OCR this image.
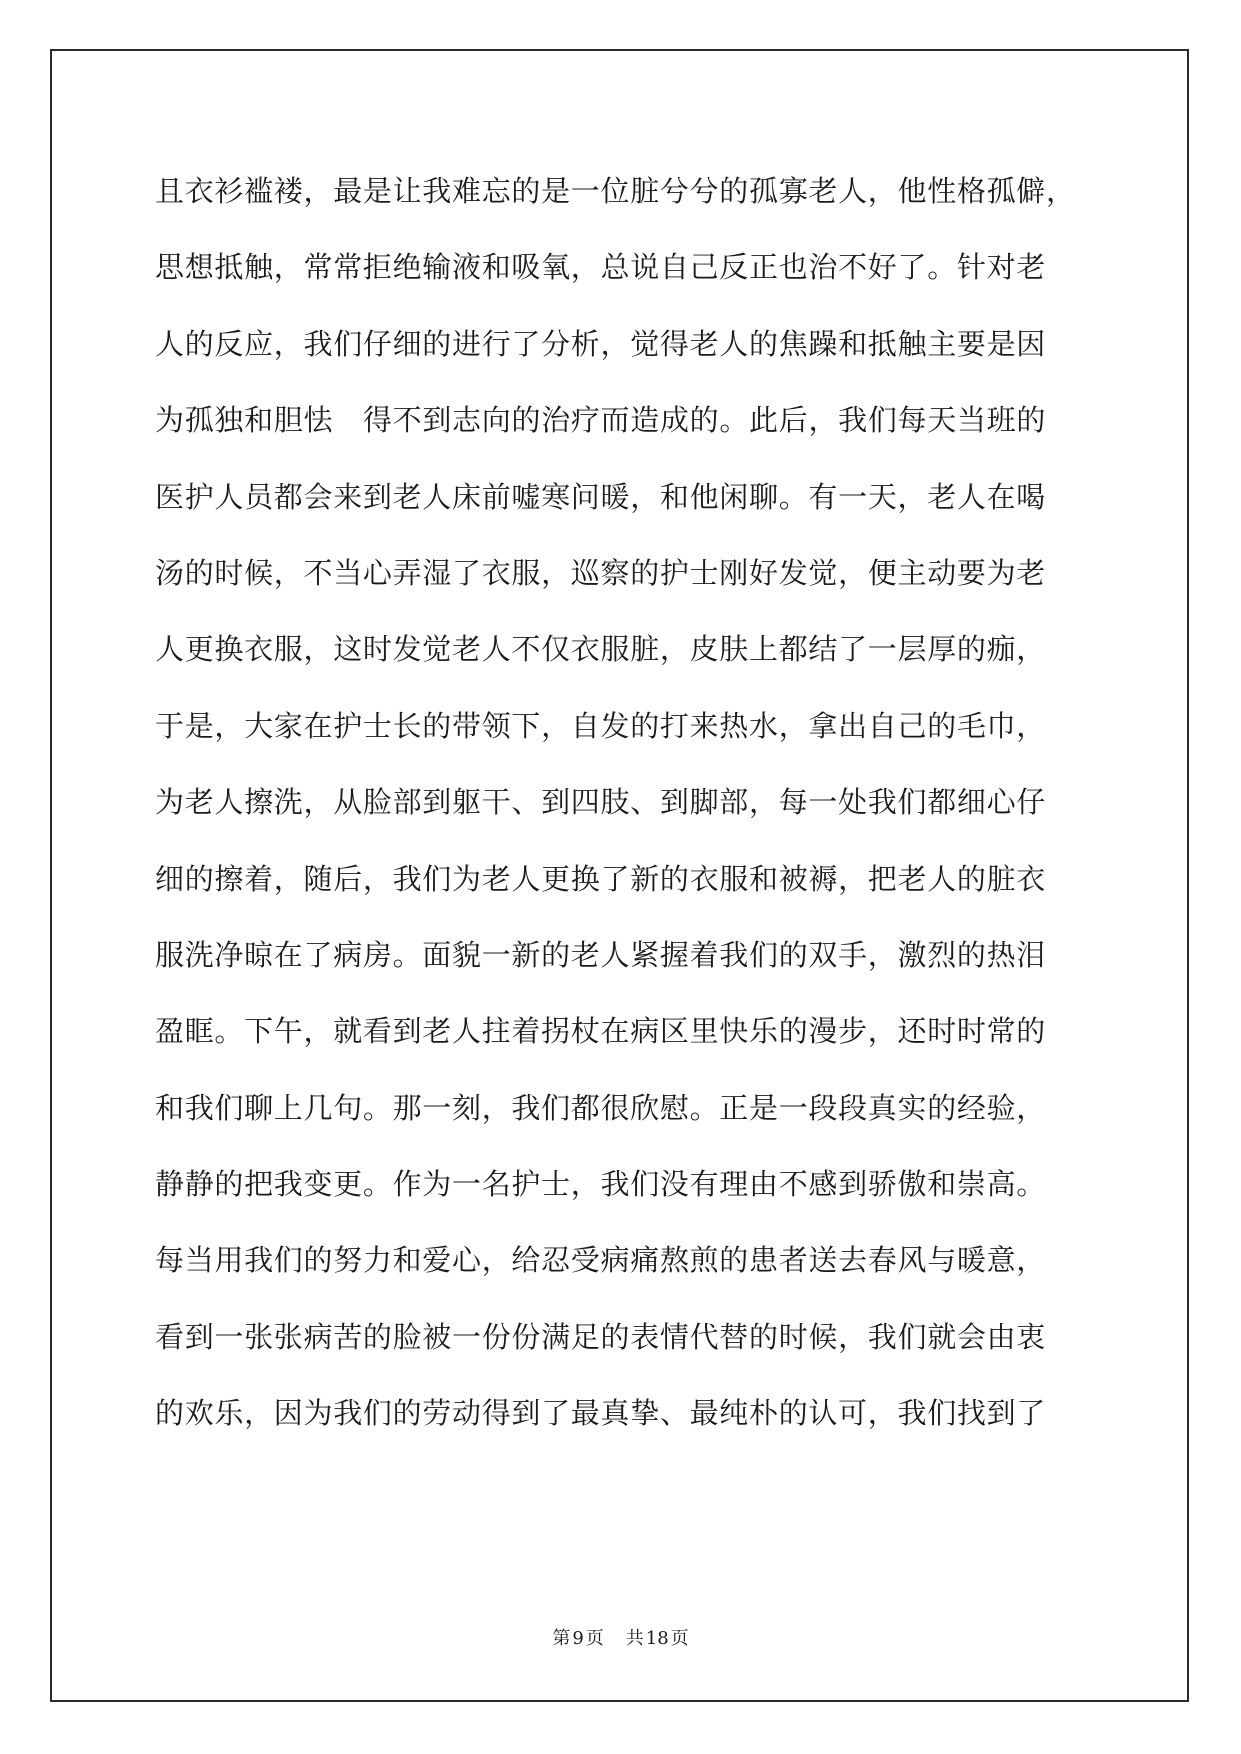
且衣衫褴褛，最是让我难忘的是一位脏兮兮的孤寡老人，他性格孤僻，

思想抵触，常常拒绝输液和吸氧，总说自己反正也治不好了。针对老

人的反应，我们仔细的进行了分析，觉得老人的焦躁和抵触主要是因

为孤独和胆怯   得不到志向的治疗而造成的。此后，我们每天当班的

医护人员都会来到老人床前嘘寒问暖，和他闲聊。有一天，老人在喝

汤的时候，不当心弄湿了衣服，巡察的护士刚好发觉，便主动要为老

人更换衣服，这时发觉老人不仅衣服脏，皮肤上都结了一层厚的痂，

于是，大家在护士长的带领下，自发的打来热水，拿出自己的毛巾，

为老人擦洗，从脸部到躯干、到四肢、到脚部，每一处我们都细心仔

细的擦着，随后，我们为老人更换了新的衣服和被褥，把老人的脏衣

服洗净晾在了病房。面貌一新的老人紧握着我们的双手，激烈的热泪

盈眶。下午，就看到老人拄着拐杖在病区里快乐的漫步，还时时常的

和我们聊上几句。那一刻，我们都很欣慰。正是一段段真实的经验，

静静的把我变更。作为一名护士，我们没有理由不感到骄傲和崇高。

每当用我们的努力和爱心，给忍受病痛熬煎的患者送去春风与暖意，

看到一张张病苦的脸被一份份满足的表情代替的时候，我们就会由衷

的欢乐，因为我们的劳动得到了最真挚、最纯朴的认可，我们找到了

第 9 页 共 18 页
